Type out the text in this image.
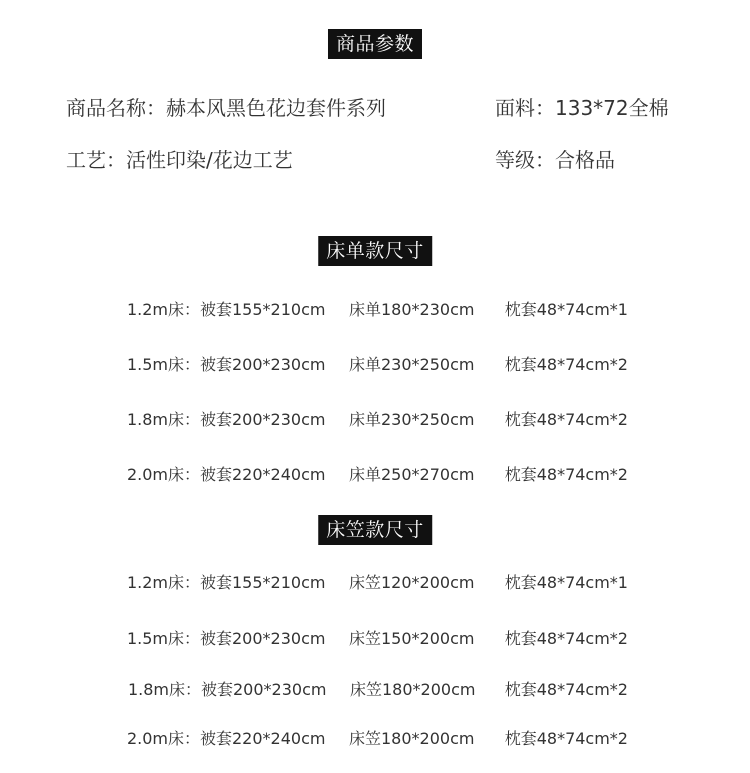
商品参数
商品名称：赫本风黑色花边套件系列	面料：133*72全棉
工艺：活性印染/花边工艺	等级：合格品
床单款尺寸
1.2m床： 被套155*210cm 床单180*230cm 枕套48*74cm*1
1.5m床： 被套200*230cm 床单230*250cm 枕套48*74cm*2
1.8m床： 被套200*230cm 床单230*250cm 枕套48*74cm*2
2.0m床： 被套220*240cm 床单250*270cm 枕套48*74cm*2
床笠款尺寸
1.2m床： 被套155*210cm 床笠120*200cm 枕套48*74cm*1
1.5m床： 被套200*230cm 床笠150*200cm 枕套48*74cm*2
1.8m床： 被套200*230cm 床笠180*200cm 枕套48*74cm*2
2.0m床： 被套220*240cm 床笠180*200cm 枕套48*74cm*2
